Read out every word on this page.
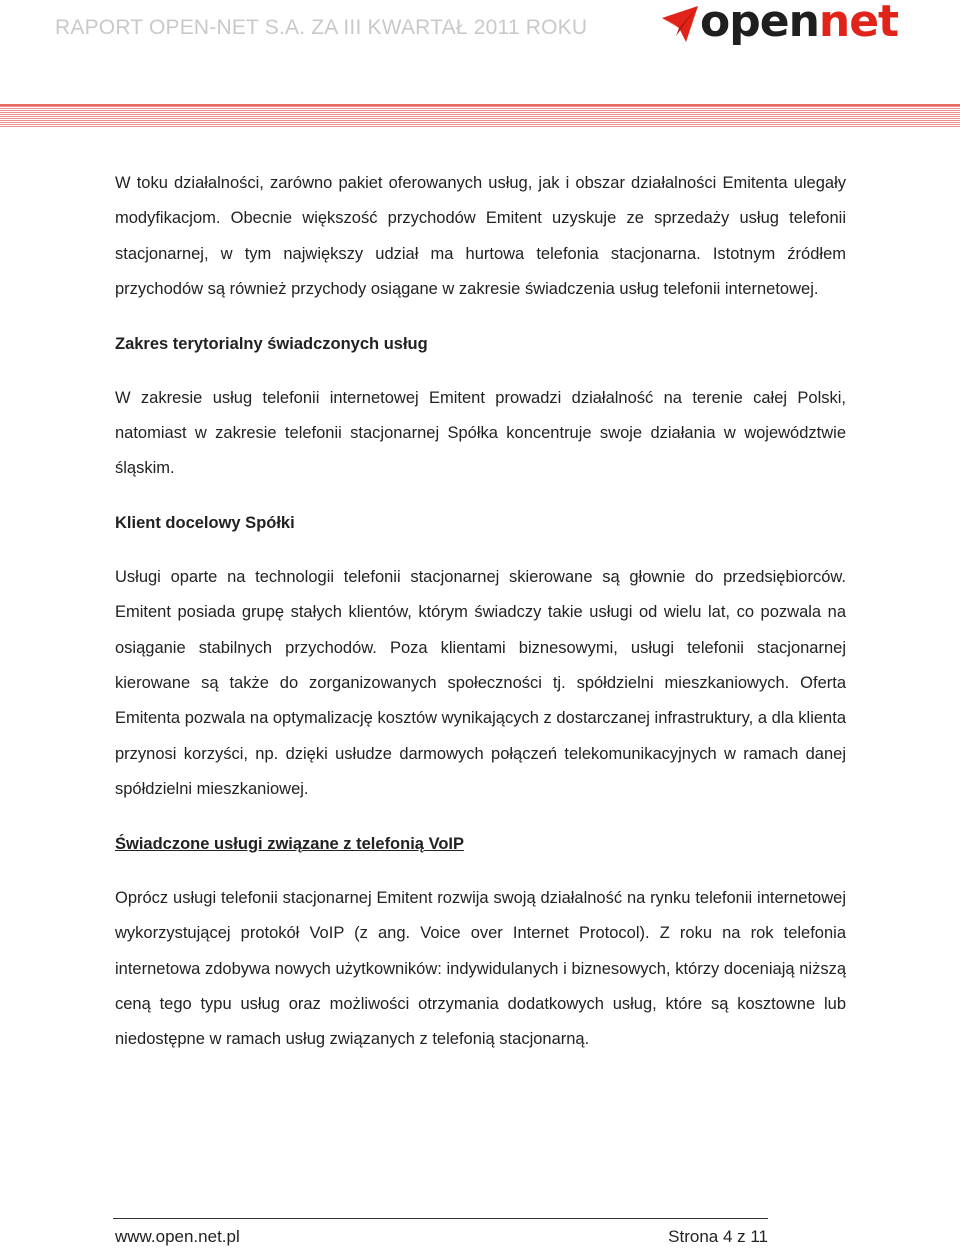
RAPORT OPEN-NET S.A. ZA III KWARTAŁ 2011 ROKU	opennet

W toku działalności, zarówno pakiet oferowanych usług, jak i obszar działalności Emitenta ulegały modyfikacjom. Obecnie większość przychodów Emitent uzyskuje ze sprzedaży usług telefonii stacjonarnej, w tym największy udział ma hurtowa telefonia stacjonarna. Istotnym źródłem przychodów są również przychody osiągane w zakresie świadczenia usług telefonii internetowej.

Zakres terytorialny świadczonych usług

W zakresie usług telefonii internetowej Emitent prowadzi działalność na terenie całej Polski, natomiast w zakresie telefonii stacjonarnej Spółka koncentruje swoje działania w województwie śląskim.

Klient docelowy Spółki

Usługi oparte na technologii telefonii stacjonarnej skierowane są głownie do przedsiębiorców. Emitent posiada grupę stałych klientów, którym świadczy takie usługi od wielu lat, co pozwala na osiąganie stabilnych przychodów. Poza klientami biznesowymi, usługi telefonii stacjonarnej kierowane są także do zorganizowanych społeczności tj. spółdzielni mieszkaniowych. Oferta Emitenta pozwala na optymalizację kosztów wynikających z dostarczanej infrastruktury, a dla klienta przynosi korzyści, np. dzięki usłudze darmowych połączeń telekomunikacyjnych w ramach danej spółdzielni mieszkaniowej.

Świadczone usługi związane z telefonią VoIP

Oprócz usługi telefonii stacjonarnej Emitent rozwija swoją działalność na rynku telefonii internetowej wykorzystującej protokół VoIP (z ang. Voice over Internet Protocol). Z roku na rok telefonia internetowa zdobywa nowych użytkowników: indywidulanych i biznesowych, którzy doceniają niższą ceną tego typu usług oraz możliwości otrzymania dodatkowych usług, które są kosztowne lub niedostępne w ramach usług związanych z telefonią stacjonarną.

www.open.net.pl	Strona 4 z 11
